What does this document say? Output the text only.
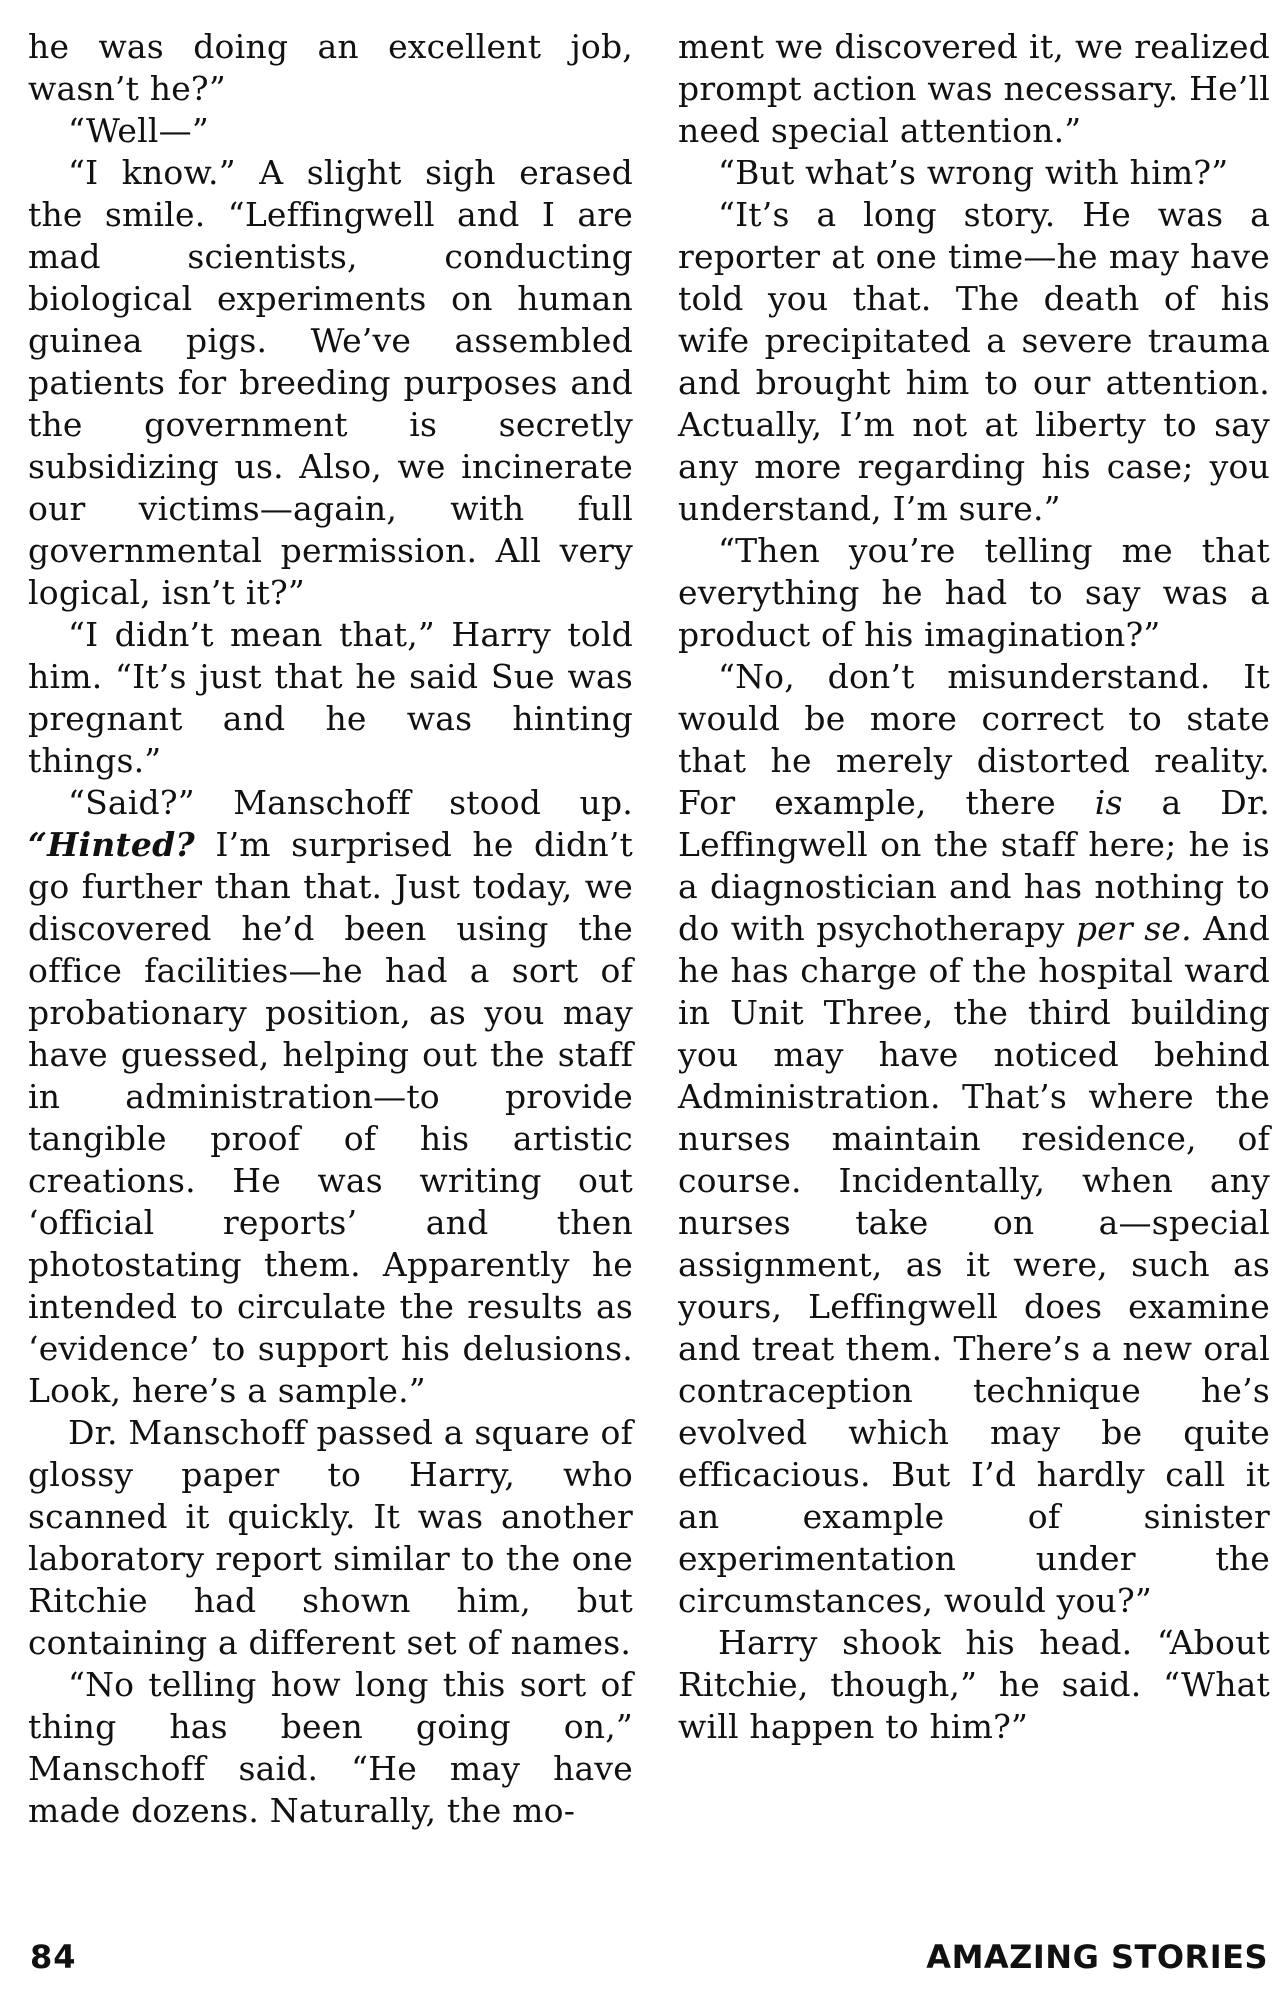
he was doing an excellent job, wasn’t he?”

“Well—”

“I know.” A slight sigh erased the smile. “Leffingwell and I are mad scientists, conducting biological experiments on human guinea pigs. We’ve assembled patients for breeding purposes and the government is secretly subsidizing us. Also, we incinerate our victims—again, with full governmental permission. All very logical, isn’t it?”

“I didn’t mean that,” Harry told him. “It’s just that he said Sue was pregnant and he was hinting things.”

“Said?” Manschoff stood up. “Hinted? I’m surprised he didn’t go further than that. Just today, we discovered he’d been using the office facilities—he had a sort of probationary position, as you may have guessed, helping out the staff in administration—to provide tangible proof of his artistic creations. He was writing out ‘official reports’ and then photostating them. Apparently he intended to circulate the results as ‘evidence’ to support his delusions. Look, here’s a sample.”

Dr. Manschoff passed a square of glossy paper to Harry, who scanned it quickly. It was another laboratory report similar to the one Ritchie had shown him, but containing a different set of names.

“No telling how long this sort of thing has been going on,” Manschoff said. “He may have made dozens. Naturally, the mo-

ment we discovered it, we realized prompt action was necessary. He’ll need special attention.”

“But what’s wrong with him?”

“It’s a long story. He was a reporter at one time—he may have told you that. The death of his wife precipitated a severe trauma and brought him to our attention. Actually, I’m not at liberty to say any more regarding his case; you understand, I’m sure.”

“Then you’re telling me that everything he had to say was a product of his imagination?”

“No, don’t misunderstand. It would be more correct to state that he merely distorted reality. For example, there is a Dr. Leffingwell on the staff here; he is a diagnostician and has nothing to do with psychotherapy per se. And he has charge of the hospital ward in Unit Three, the third building you may have noticed behind Administration. That’s where the nurses maintain residence, of course. Incidentally, when any nurses take on a—special assignment, as it were, such as yours, Leffingwell does examine and treat them. There’s a new oral contraception technique he’s evolved which may be quite efficacious. But I’d hardly call it an example of sinister experimentation under the circumstances, would you?”

Harry shook his head. “About Ritchie, though,” he said. “What will happen to him?”

84	AMAZING STORIES
